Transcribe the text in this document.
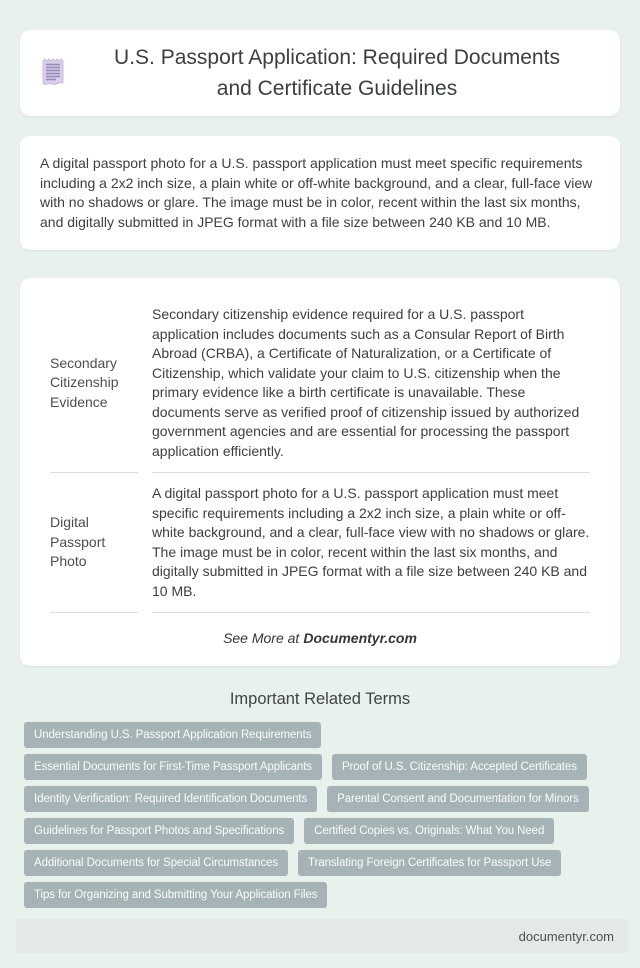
U.S. Passport Application: Required Documents and Certificate Guidelines

A digital passport photo for a U.S. passport application must meet specific requirements including a 2x2 inch size, a plain white or off-white background, and a clear, full-face view with no shadows or glare. The image must be in color, recent within the last six months, and digitally submitted in JPEG format with a file size between 240 KB and 10 MB.

Secondary Citizenship Evidence	Secondary citizenship evidence required for a U.S. passport application includes documents such as a Consular Report of Birth Abroad (CRBA), a Certificate of Naturalization, or a Certificate of Citizenship, which validate your claim to U.S. citizenship when the primary evidence like a birth certificate is unavailable. These documents serve as verified proof of citizenship issued by authorized government agencies and are essential for processing the passport application efficiently.
Digital Passport Photo	A digital passport photo for a U.S. passport application must meet specific requirements including a 2x2 inch size, a plain white or off-white background, and a clear, full-face view with no shadows or glare. The image must be in color, recent within the last six months, and digitally submitted in JPEG format with a file size between 240 KB and 10 MB.
See More at Documentyr.com
Important Related Terms
Understanding U.S. Passport Application Requirements
Essential Documents for First-Time Passport Applicants	Proof of U.S. Citizenship: Accepted Certificates
Identity Verification: Required Identification Documents	Parental Consent and Documentation for Minors
Guidelines for Passport Photos and Specifications	Certified Copies vs. Originals: What You Need
Additional Documents for Special Circumstances	Translating Foreign Certificates for Passport Use
Tips for Organizing and Submitting Your Application Files
documentyr.com
